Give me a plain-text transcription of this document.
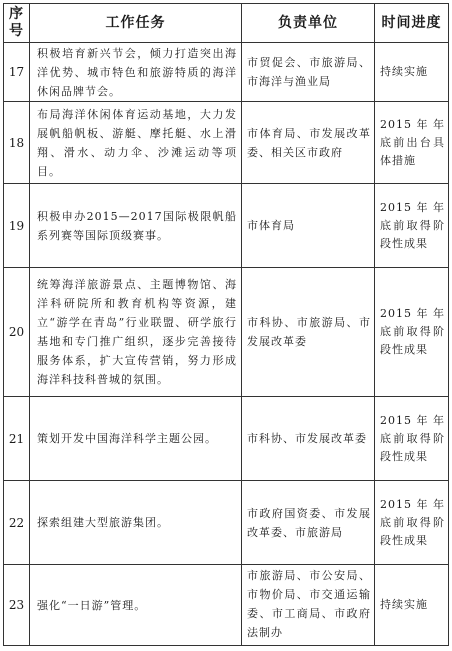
序号	工作任务	负责单位	时间进度
17	积极培育新兴节会，倾力打造突出海洋优势、城市特色和旅游特质的海洋休闲品牌节会。	市贸促会、市旅游局、市海洋与渔业局	持续实施
18	布局海洋休闲体育运动基地，大力发展帆船帆板、游艇、摩托艇、水上滑翔、滑水、动力伞、沙滩运动等项目。	市体育局、市发展改革委、相关区市政府	2015年年底前出台具体措施
19	积极申办2015—2017国际极限帆船系列赛等国际顶级赛事。	市体育局	2015年年底前取得阶段性成果
20	统筹海洋旅游景点、主题博物馆、海洋科研院所和教育机构等资源，建立“游学在青岛”行业联盟、研学旅行基地和专门推广组织，逐步完善接待服务体系，扩大宣传营销，努力形成海洋科技科普城的氛围。	市科协、市旅游局、市发展改革委	2015年年底前取得阶段性成果
21	策划开发中国海洋科学主题公园。	市科协、市发展改革委	2015年年底前取得阶段性成果
22	探索组建大型旅游集团。	市政府国资委、市发展改革委、市旅游局	2015年年底前取得阶段性成果
23	强化“一日游”管理。	市旅游局、市公安局、市物价局、市交通运输委、市工商局、市政府法制办	持续实施
